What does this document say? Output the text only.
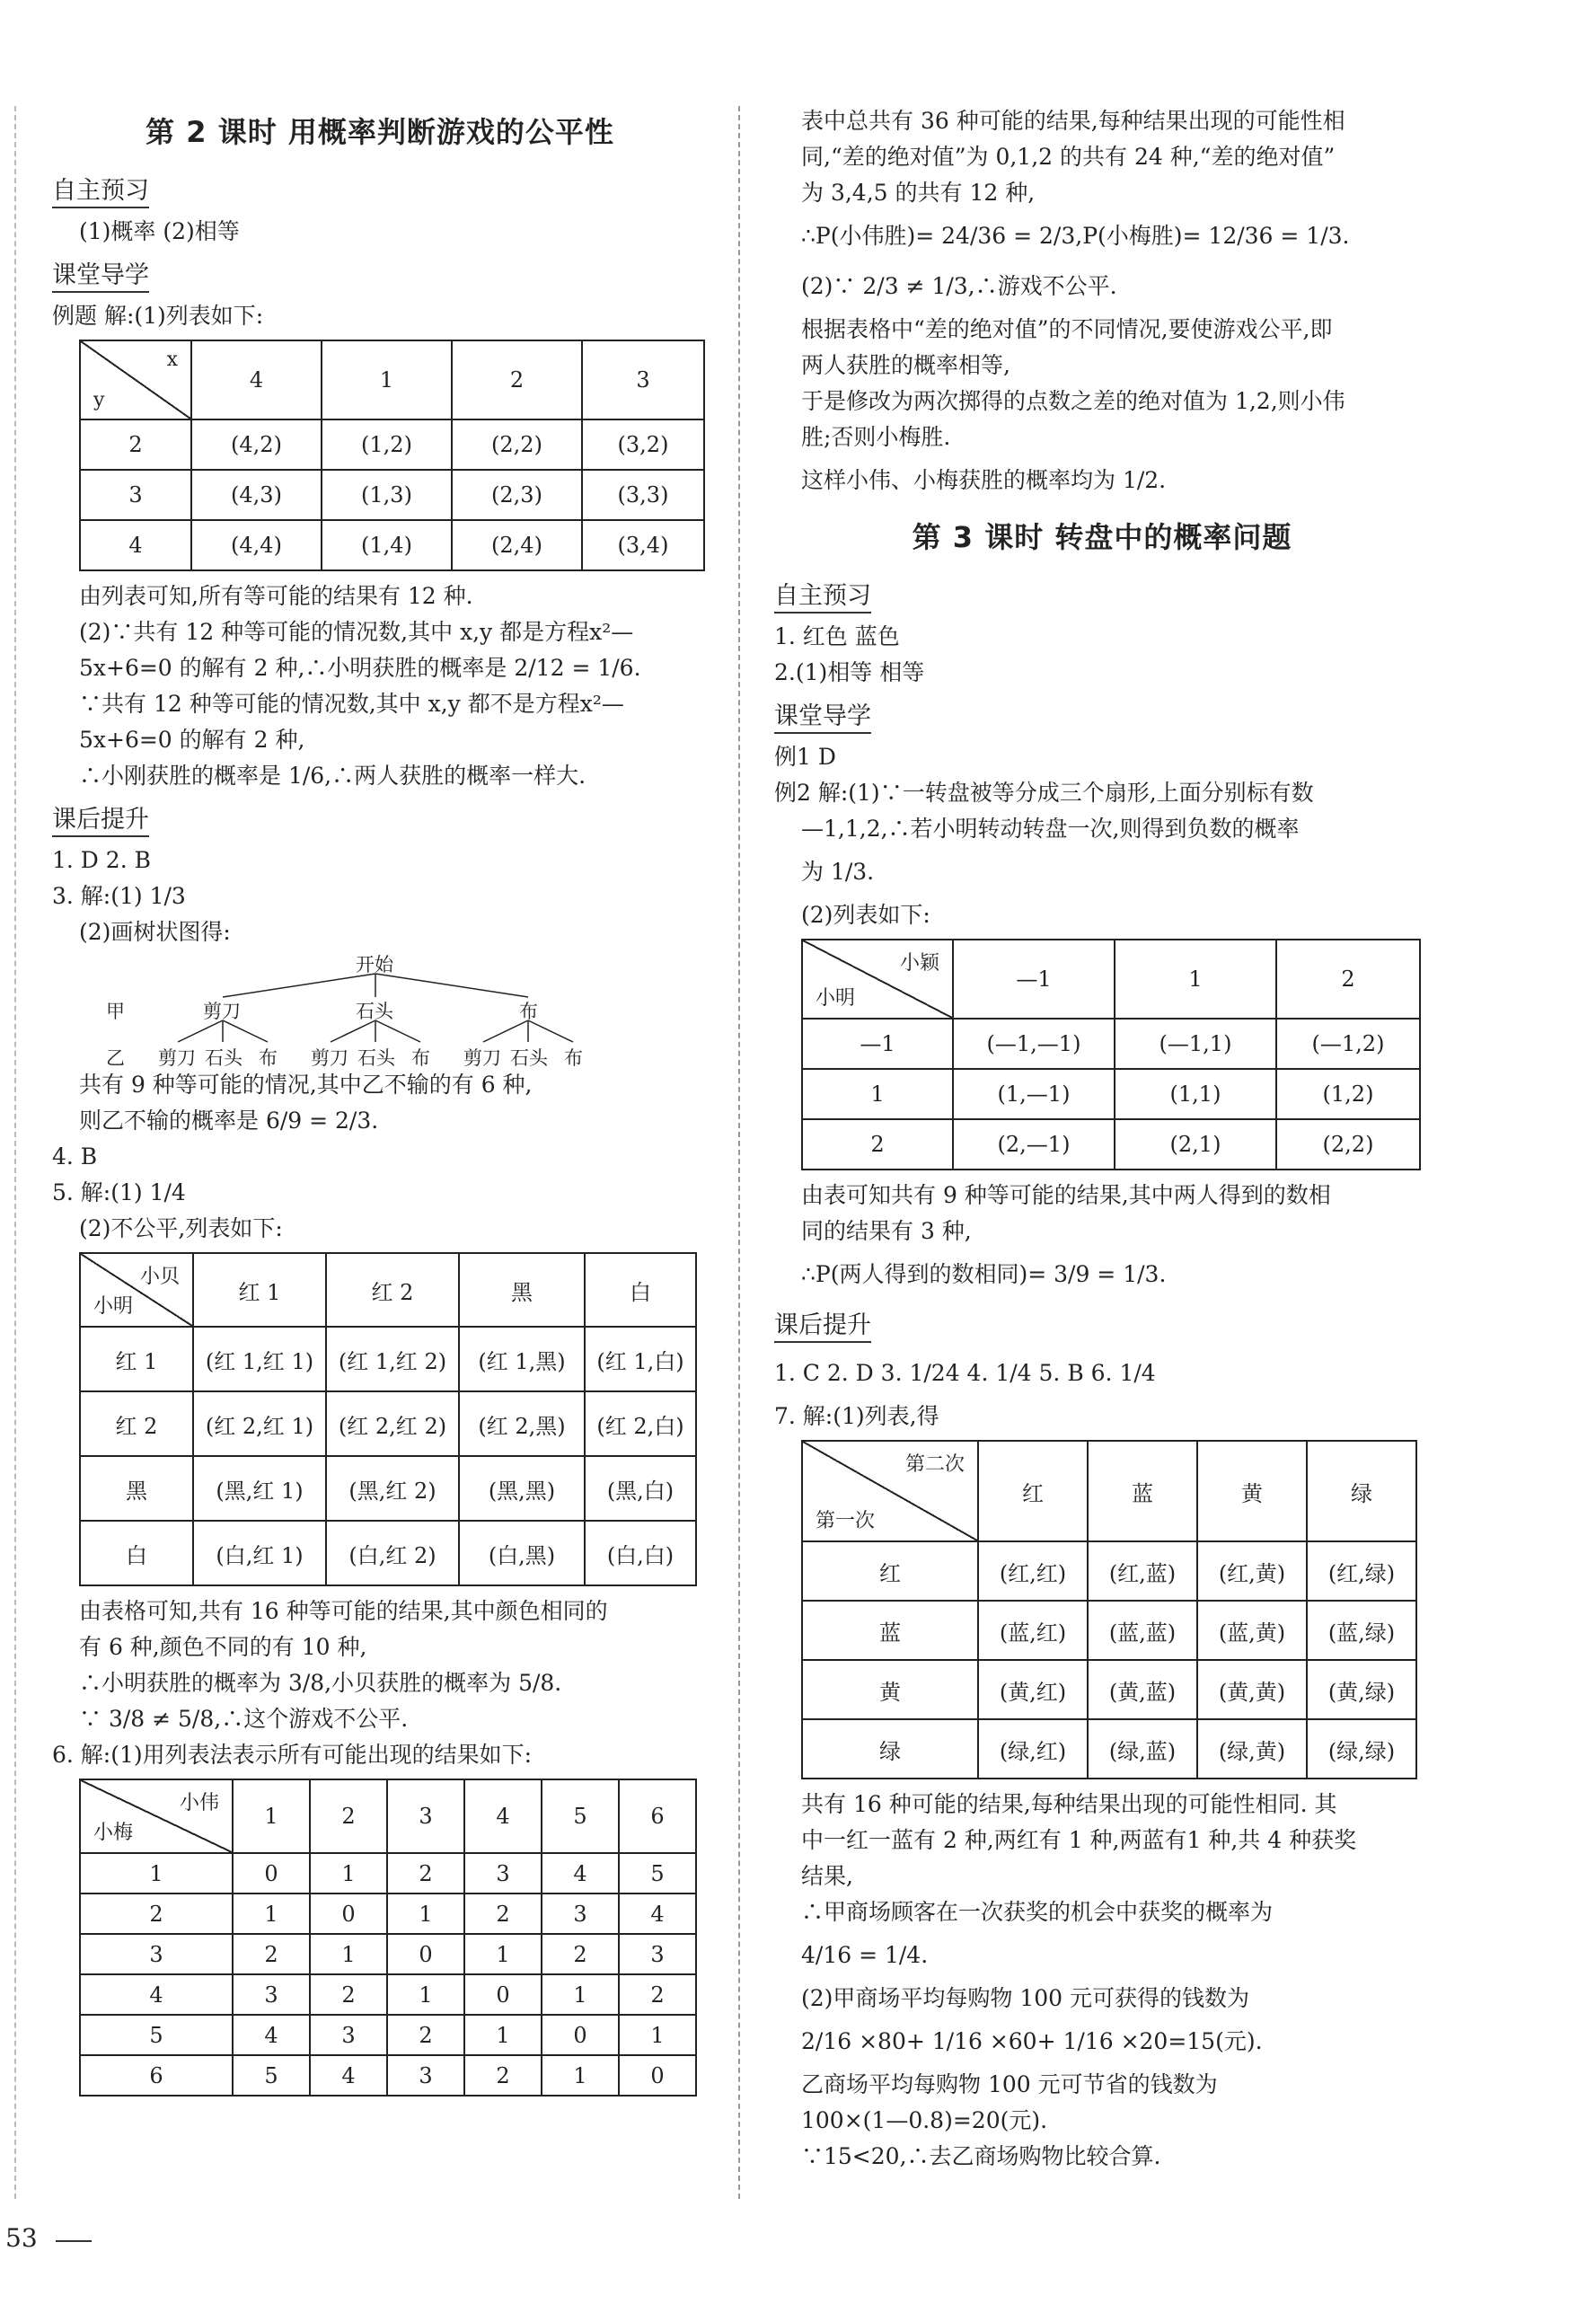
第 2 课时 用概率判断游戏的公平性
自主预习
(1)概率 (2)相等
课堂导学
例题 解:(1)列表如下:
x
y	4	1	2	3
2	(4,2)	(1,2)	(2,2)	(3,2)
3	(4,3)	(1,3)	(2,3)	(3,3)
4	(4,4)	(1,4)	(2,4)	(3,4)
由列表可知,所有等可能的结果有 12 种.
(2)∵共有 12 种等可能的情况数,其中 x,y 都是方程x²—
5x+6=0 的解有 2 种,∴小明获胜的概率是 2/12 = 1/6.
∵共有 12 种等可能的情况数,其中 x,y 都不是方程x²—
5x+6=0 的解有 2 种,
∴小刚获胜的概率是 1/6,∴两人获胜的概率一样大.
课后提升
1. D 2. B
3. 解:(1) 1/3
(2)画树状图得:
开始
甲	剪刀	石头	布
乙 剪刀 石头 布 剪刀 石头 布 剪刀 石头 布
共有 9 种等可能的情况,其中乙不输的有 6 种,
则乙不输的概率是 6/9 = 2/3.
4. B
5. 解:(1) 1/4
(2)不公平,列表如下:
小贝
小明	红 1	红 2	黑	白
红 1	(红 1,红 1)	(红 1,红 2)	(红 1,黑)	(红 1,白)
红 2	(红 2,红 1)	(红 2,红 2)	(红 2,黑)	(红 2,白)
黑	(黑,红 1)	(黑,红 2)	(黑,黑)	(黑,白)
白	(白,红 1)	(白,红 2)	(白,黑)	(白,白)
由表格可知,共有 16 种等可能的结果,其中颜色相同的
有 6 种,颜色不同的有 10 种,
∴小明获胜的概率为 3/8,小贝获胜的概率为 5/8.
∵ 3/8 ≠ 5/8,∴这个游戏不公平.
6. 解:(1)用列表法表示所有可能出现的结果如下:
小伟
小梅	1	2	3	4	5	6
1	0	1	2	3	4	5
2	1	0	1	2	3	4
3	2	1	0	1	2	3
4	3	2	1	0	1	2
5	4	3	2	1	0	1
6	5	4	3	2	1	0
表中总共有 36 种可能的结果,每种结果出现的可能性相
同,“差的绝对值”为 0,1,2 的共有 24 种,“差的绝对值”
为 3,4,5 的共有 12 种,
∴P(小伟胜)= 24/36 = 2/3,P(小梅胜)= 12/36 = 1/3.
(2)∵ 2/3 ≠ 1/3,∴游戏不公平.
根据表格中“差的绝对值”的不同情况,要使游戏公平,即
两人获胜的概率相等,
于是修改为两次掷得的点数之差的绝对值为 1,2,则小伟
胜;否则小梅胜.
这样小伟、小梅获胜的概率均为 1/2.
第 3 课时 转盘中的概率问题
自主预习
1. 红色 蓝色
2.(1)相等 相等
课堂导学
例1 D
例2 解:(1)∵一转盘被等分成三个扇形,上面分别标有数
—1,1,2,∴若小明转动转盘一次,则得到负数的概率
为 1/3.
(2)列表如下:
小颖
小明	—1	1	2
—1	(—1,—1)	(—1,1)	(—1,2)
1	(1,—1)	(1,1)	(1,2)
2	(2,—1)	(2,1)	(2,2)
由表可知共有 9 种等可能的结果,其中两人得到的数相
同的结果有 3 种,
∴P(两人得到的数相同)= 3/9 = 1/3.
课后提升
1. C 2. D 3. 1/24 4. 1/4 5. B 6. 1/4
7. 解:(1)列表,得
第二次
第一次	红	蓝	黄	绿
红	(红,红)	(红,蓝)	(红,黄)	(红,绿)
蓝	(蓝,红)	(蓝,蓝)	(蓝,黄)	(蓝,绿)
黄	(黄,红)	(黄,蓝)	(黄,黄)	(黄,绿)
绿	(绿,红)	(绿,蓝)	(绿,黄)	(绿,绿)
共有 16 种可能的结果,每种结果出现的可能性相同. 其
中一红一蓝有 2 种,两红有 1 种,两蓝有1 种,共 4 种获奖
结果,
∴甲商场顾客在一次获奖的机会中获奖的概率为
4/16 = 1/4.
(2)甲商场平均每购物 100 元可获得的钱数为
2/16 ×80+ 1/16 ×60+ 1/16 ×20=15(元).
乙商场平均每购物 100 元可节省的钱数为
100×(1—0.8)=20(元).
∵15<20,∴去乙商场购物比较合算.
53
